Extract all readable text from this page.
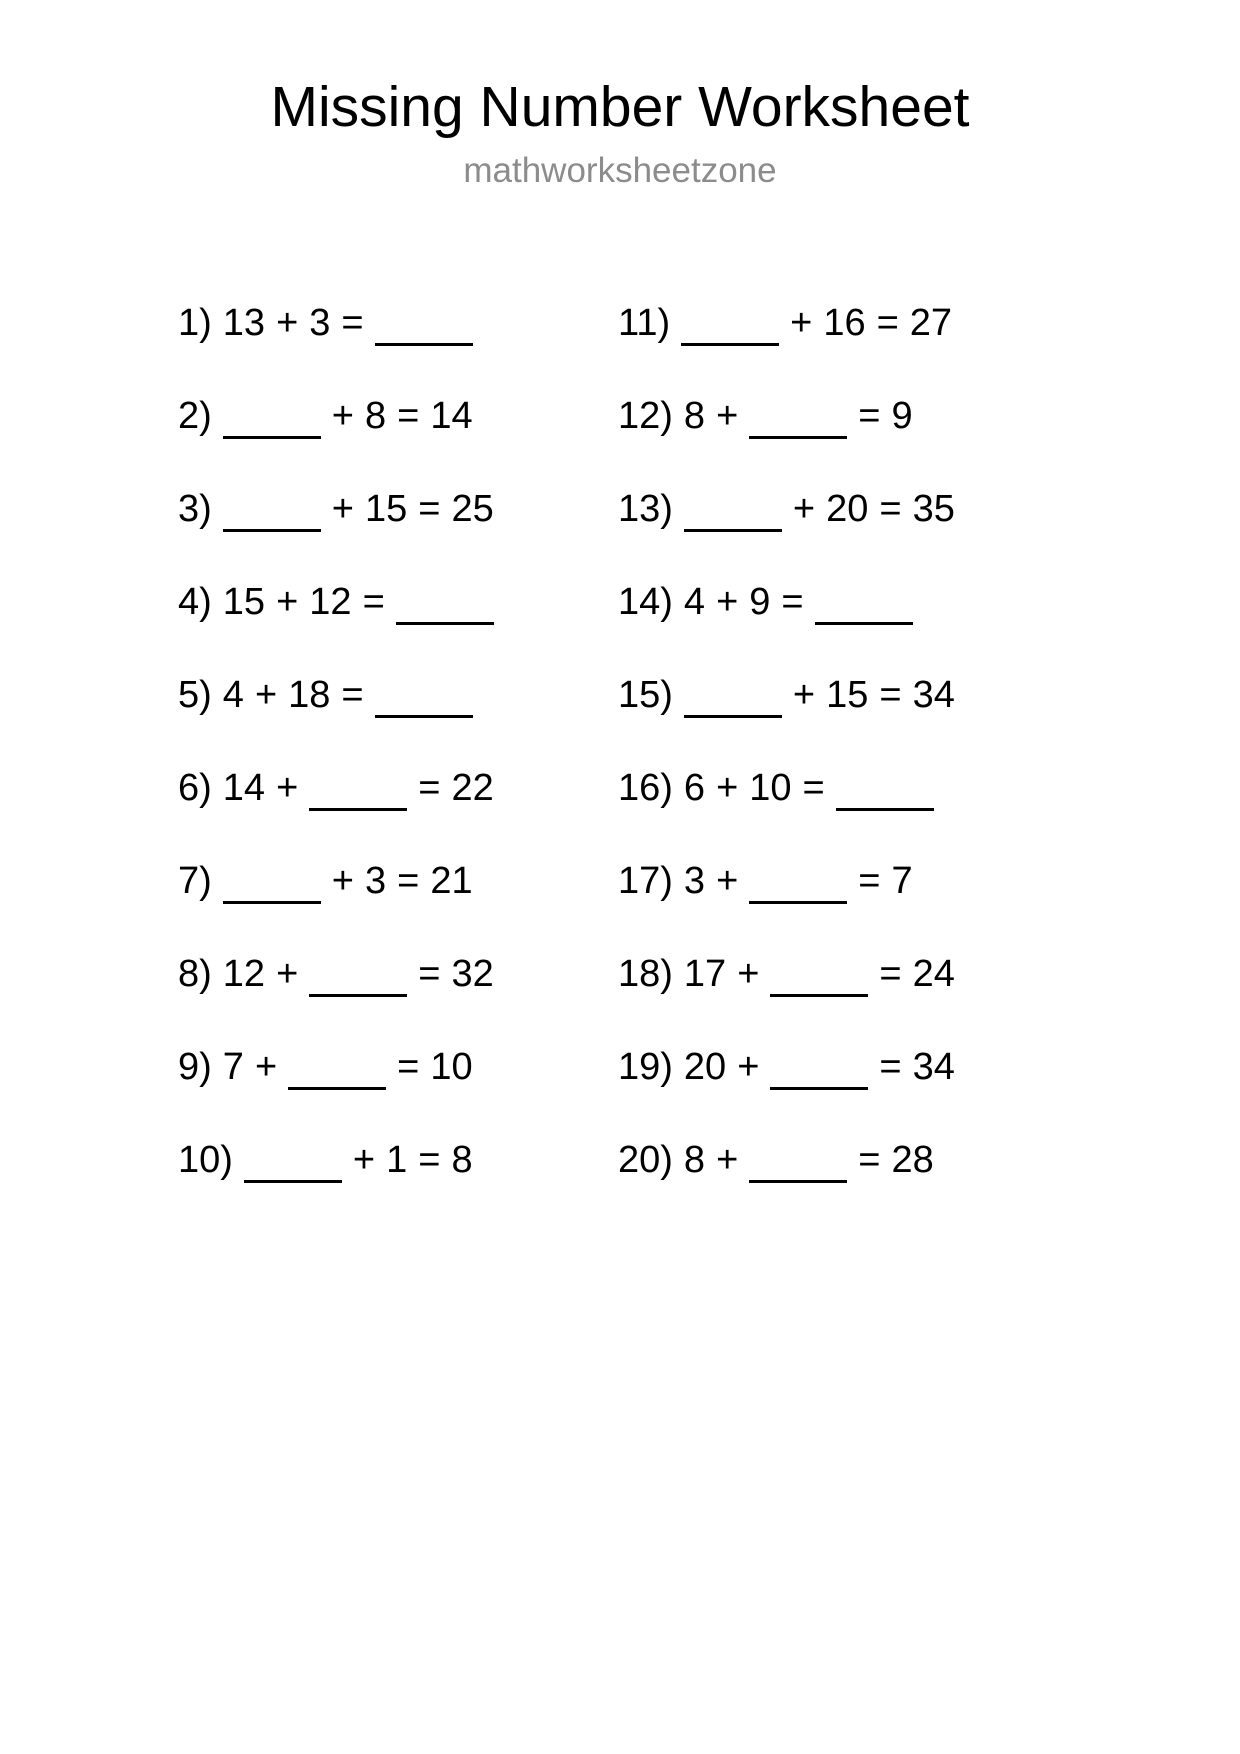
Missing Number Worksheet
mathworksheetzone
1) 13 + 3 =
2)	+ 8 = 14
3)	+ 15 = 25
4) 15 + 12 =
5) 4 + 18 =
6) 14 +	= 22
7)	+ 3 = 21
8) 12 +	= 32
9) 7 +	= 10
10)	+ 1 = 8
11)	+ 16 = 27
12) 8 +	= 9
13)	+ 20 = 35
14) 4 + 9 =
15)	+ 15 = 34
16) 6 + 10 =
17) 3 +	= 7
18) 17 +	= 24
19) 20 +	= 34
20) 8 +	= 28
